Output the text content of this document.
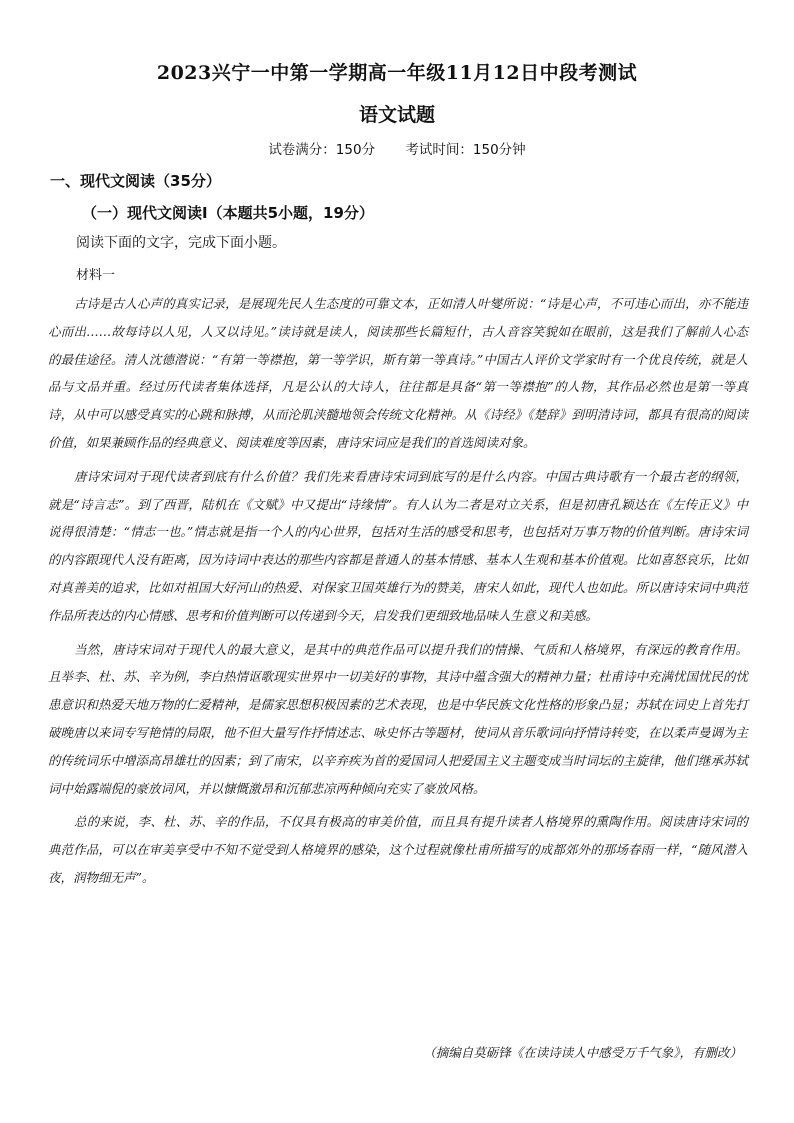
2023兴宁一中第一学期高一年级11月12日中段考测试
语文试题
试卷满分：150分 考试时间：150分钟
一、现代文阅读（35分）
（一）现代文阅读Ⅰ（本题共5小题，19分）
阅读下面的文字，完成下面小题。
材料一

古诗是古人心声的真实记录，是展现先民人生态度的可靠文本，正如清人叶燮所说：“诗是心声，不可违心而出，亦不能违心而出……故每诗以人见，人又以诗见。”读诗就是读人，阅读那些长篇短什，古人音容笑貌如在眼前，这是我们了解前人心态的最佳途径。清人沈德潜说：“有第一等襟抱，第一等学识，斯有第一等真诗。”中国古人评价文学家时有一个优良传统，就是人品与文品并重。经过历代读者集体选择，凡是公认的大诗人，往往都是具备“第一等襟抱”的人物，其作品必然也是第一等真诗，从中可以感受真实的心跳和脉搏，从而沦肌浃髓地领会传统文化精神。从《诗经》《楚辞》到明清诗词，都具有很高的阅读价值，如果兼顾作品的经典意义、阅读难度等因素，唐诗宋词应是我们的首选阅读对象。

唐诗宋词对于现代读者到底有什么价值？我们先来看唐诗宋词到底写的是什么内容。中国古典诗歌有一个最古老的纲领，就是“诗言志”。到了西晋，陆机在《文赋》中又提出“诗缘情”。有人认为二者是对立关系，但是初唐孔颖达在《左传正义》中说得很清楚：“情志一也。”情志就是指一个人的内心世界，包括对生活的感受和思考，也包括对万事万物的价值判断。唐诗宋词的内容跟现代人没有距离，因为诗词中表达的那些内容都是普通人的基本情感、基本人生观和基本价值观。比如喜怒哀乐，比如对真善美的追求，比如对祖国大好河山的热爱、对保家卫国英雄行为的赞美，唐宋人如此，现代人也如此。所以唐诗宋词中典范作品所表达的内心情感、思考和价值判断可以传递到今天，启发我们更细致地品味人生意义和美感。

当然，唐诗宋词对于现代人的最大意义，是其中的典范作品可以提升我们的情操、气质和人格境界，有深远的教育作用。且举李、杜、苏、辛为例，李白热情讴歌现实世界中一切美好的事物，其诗中蕴含强大的精神力量；杜甫诗中充满忧国忧民的忧患意识和热爱天地万物的仁爱精神，是儒家思想积极因素的艺术表现，也是中华民族文化性格的形象凸显；苏轼在词史上首先打破晚唐以来词专写艳情的局限，他不但大量写作抒情述志、咏史怀古等题材，使词从音乐歌词向抒情诗转变，在以柔声曼调为主的传统词乐中增添高昂雄壮的因素；到了南宋，以辛弃疾为首的爱国词人把爱国主义主题变成当时词坛的主旋律，他们继承苏轼词中始露端倪的豪放词风，并以慷慨激昂和沉郁悲凉两种倾向充实了豪放风格。

总的来说，李、杜、苏、辛的作品，不仅具有极高的审美价值，而且具有提升读者人格境界的熏陶作用。阅读唐诗宋词的典范作品，可以在审美享受中不知不觉受到人格境界的感染，这个过程就像杜甫所描写的成都郊外的那场春雨一样，“随风潜入夜，润物细无声”。

（摘编自莫砺锋《在读诗读人中感受万千气象》，有删改）
